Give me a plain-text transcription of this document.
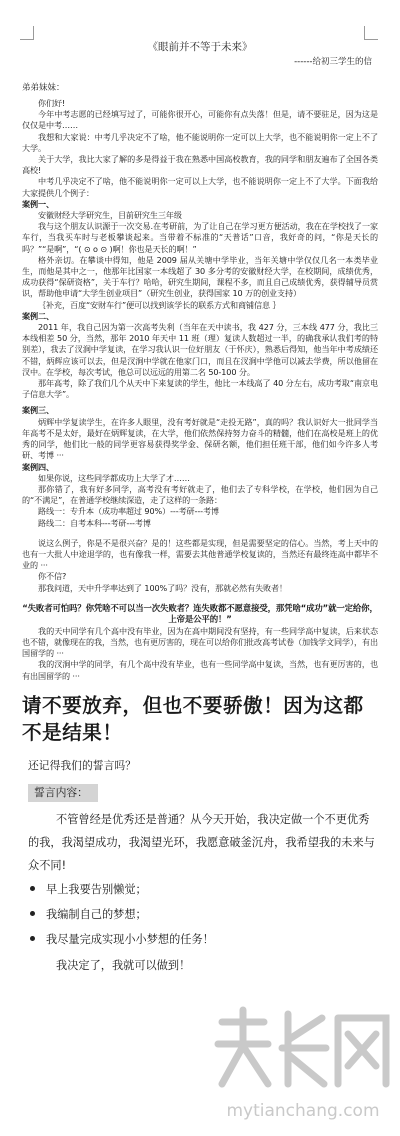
《眼前并不等于未来》
------给初三学生的信
弟弟妹妹：
你们好!
今年中考志愿的已经填写过了，可能你很开心，可能你有点失落！但是，请不要驻足，因为这是仅仅是中考……
我想和大家说：中考几乎决定不了啥，他不能说明你一定可以上大学，也不能说明你一定上不了大学。
关于大学，我比大家了解的多是得益于我在熟悉中国高校教育，我的同学和朋友遍布了全国各类高校!
中考几乎决定不了啥，他不能说明你一定可以上大学，也不能说明你一定上不了大学。下面我给大家提供几个例子：
案例一、
安徽财经大学研究生，目前研究生三年级
我与这个朋友认识源于一次交易.在考研前，为了让自己在学习更方便活动，我在在学校找了一家车行，当我买车时与老板攀谈起来。当带着不标准的“天普话”口音，我好奇的问，“你是天长的吗？”“是啊”，“( ⊙ o ⊙ )啊！你也是天长的啊！”
格外亲切。在攀谈中得知，他是 2009 届从关塘中学毕业，当年关塘中学仅仅几名一本类毕业生，而他是其中之一，他那年比国家一本线超了 30 多分考的安徽财经大学，在校期间，成绩优秀，成功获得“保研资格”，关于车行？哈哈，研究生期间，课程不多，而且自己成绩优秀，获得辅导员赏识，帮助他申请“大学生创业项目”（研究生创业，获得国家 10 万的创业支持）
｛补充，百度“安财车行”便可以找到该学长的联系方式和商铺信息 ｝
案例二、
2011 年，我自己因为第一次高考失利（当年在天中读书，我 427 分，三本线 477 分，我比三本线相差 50 分，当然，那年 2010 年天中 11 班（理）复读人数超过一半，的确我承认我们考的特别差），我去了汊涧中学复读，在学习我认识一位好朋友（于怀庆），熟悉后得知，他当年中考成绩还不错，炳辉应该可以去，但是汊涧中学就在他家门口，而且在汊涧中学他可以减去学费，所以他留在汊中。在学校，每次考试，他总可以远远的用第二名 50-100 分。
那年高考，除了我们几个从天中下来复读的学生，他比一本线高了 40 分左右，成功考取“南京电子信息大学”。
案例三、
炳辉中学复读学生，在许多人眼里，没有考好就是“走投无路”，真的吗？我认识好大一批同学当年高考不是太好，最好在炳辉复读，在大学，他们依然保持努力奋斗的精髓，他们在高校是班上的优秀的同学，他们比一般的同学更容易获得奖学金、保研名额，他们担任班干部，他们如今许多人考研、考博 ···
案例四、
如果你说，这些同学都成功上大学了才……
那你错了，我有好多同学，高考没有考好就走了，他们去了专科学校，在学校，他们因为自己的“不满足”，在普通学校继续深造，走了这样的一条路：
路线一：专升本（成功率超过 90%）---考研---考博
路线二：自考本科---考研---考博
说这么例子，你是不是很兴奋？是的！这些都是实现，但是需要坚定的信心。当然，考上天中的也有一大批人中途退学的，也有像我一样，需要去其他普通学校复读的，当然还有最终连高中都毕不业的 ···
你不信?
那我问道，天中升学率达到了 100%了吗？没有，那就必然有失败者！
“失败者可怕吗？你凭啥不可以当一次失败者？连失败都不愿意接受，那凭啥“成功”就一定给你，上帝是公平的！”
我的天中同学有几个高中没有毕业，因为在高中期间没有坚持，有一些同学高中复读，后来状态也不错，就像现在的我，当然，也有更厉害的，现在可以给你们批改高考试卷（加钱学文同学），有出国留学的 ···
我的汊涧中学的同学，有几个高中没有毕业，也有一些同学高中复读，当然，也有更厉害的，也有出国留学的 ···
请不要放弃，但也不要骄傲！因为这都不是结果！
还记得我们的誓言吗？
誓言内容：
不管曾经是优秀还是普通？从今天开始，我决定做一个不更优秀的我，我渴望成功，我渴望光环，我愿意破釜沉舟，我希望我的未来与众不同!
早上我要告别懒觉；
我编制自己的梦想；
我尽量完成实现小小梦想的任务！
我决定了，我就可以做到！
mytianchang.com
